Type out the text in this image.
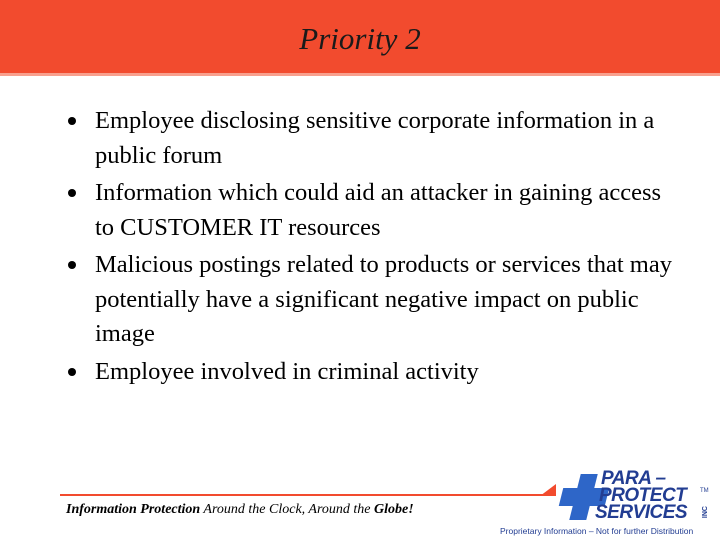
Priority 2
Employee disclosing sensitive corporate information in a public forum
Information which could aid an attacker in gaining access to CUSTOMER IT resources
Malicious postings related to products or services that may potentially have a significant negative impact on public image
Employee involved in criminal activity
Information Protection Around the Clock, Around the Globe!
PARA –
PROTECT
SERVICES
TM
INC
Proprietary Information – Not for further Distribution
